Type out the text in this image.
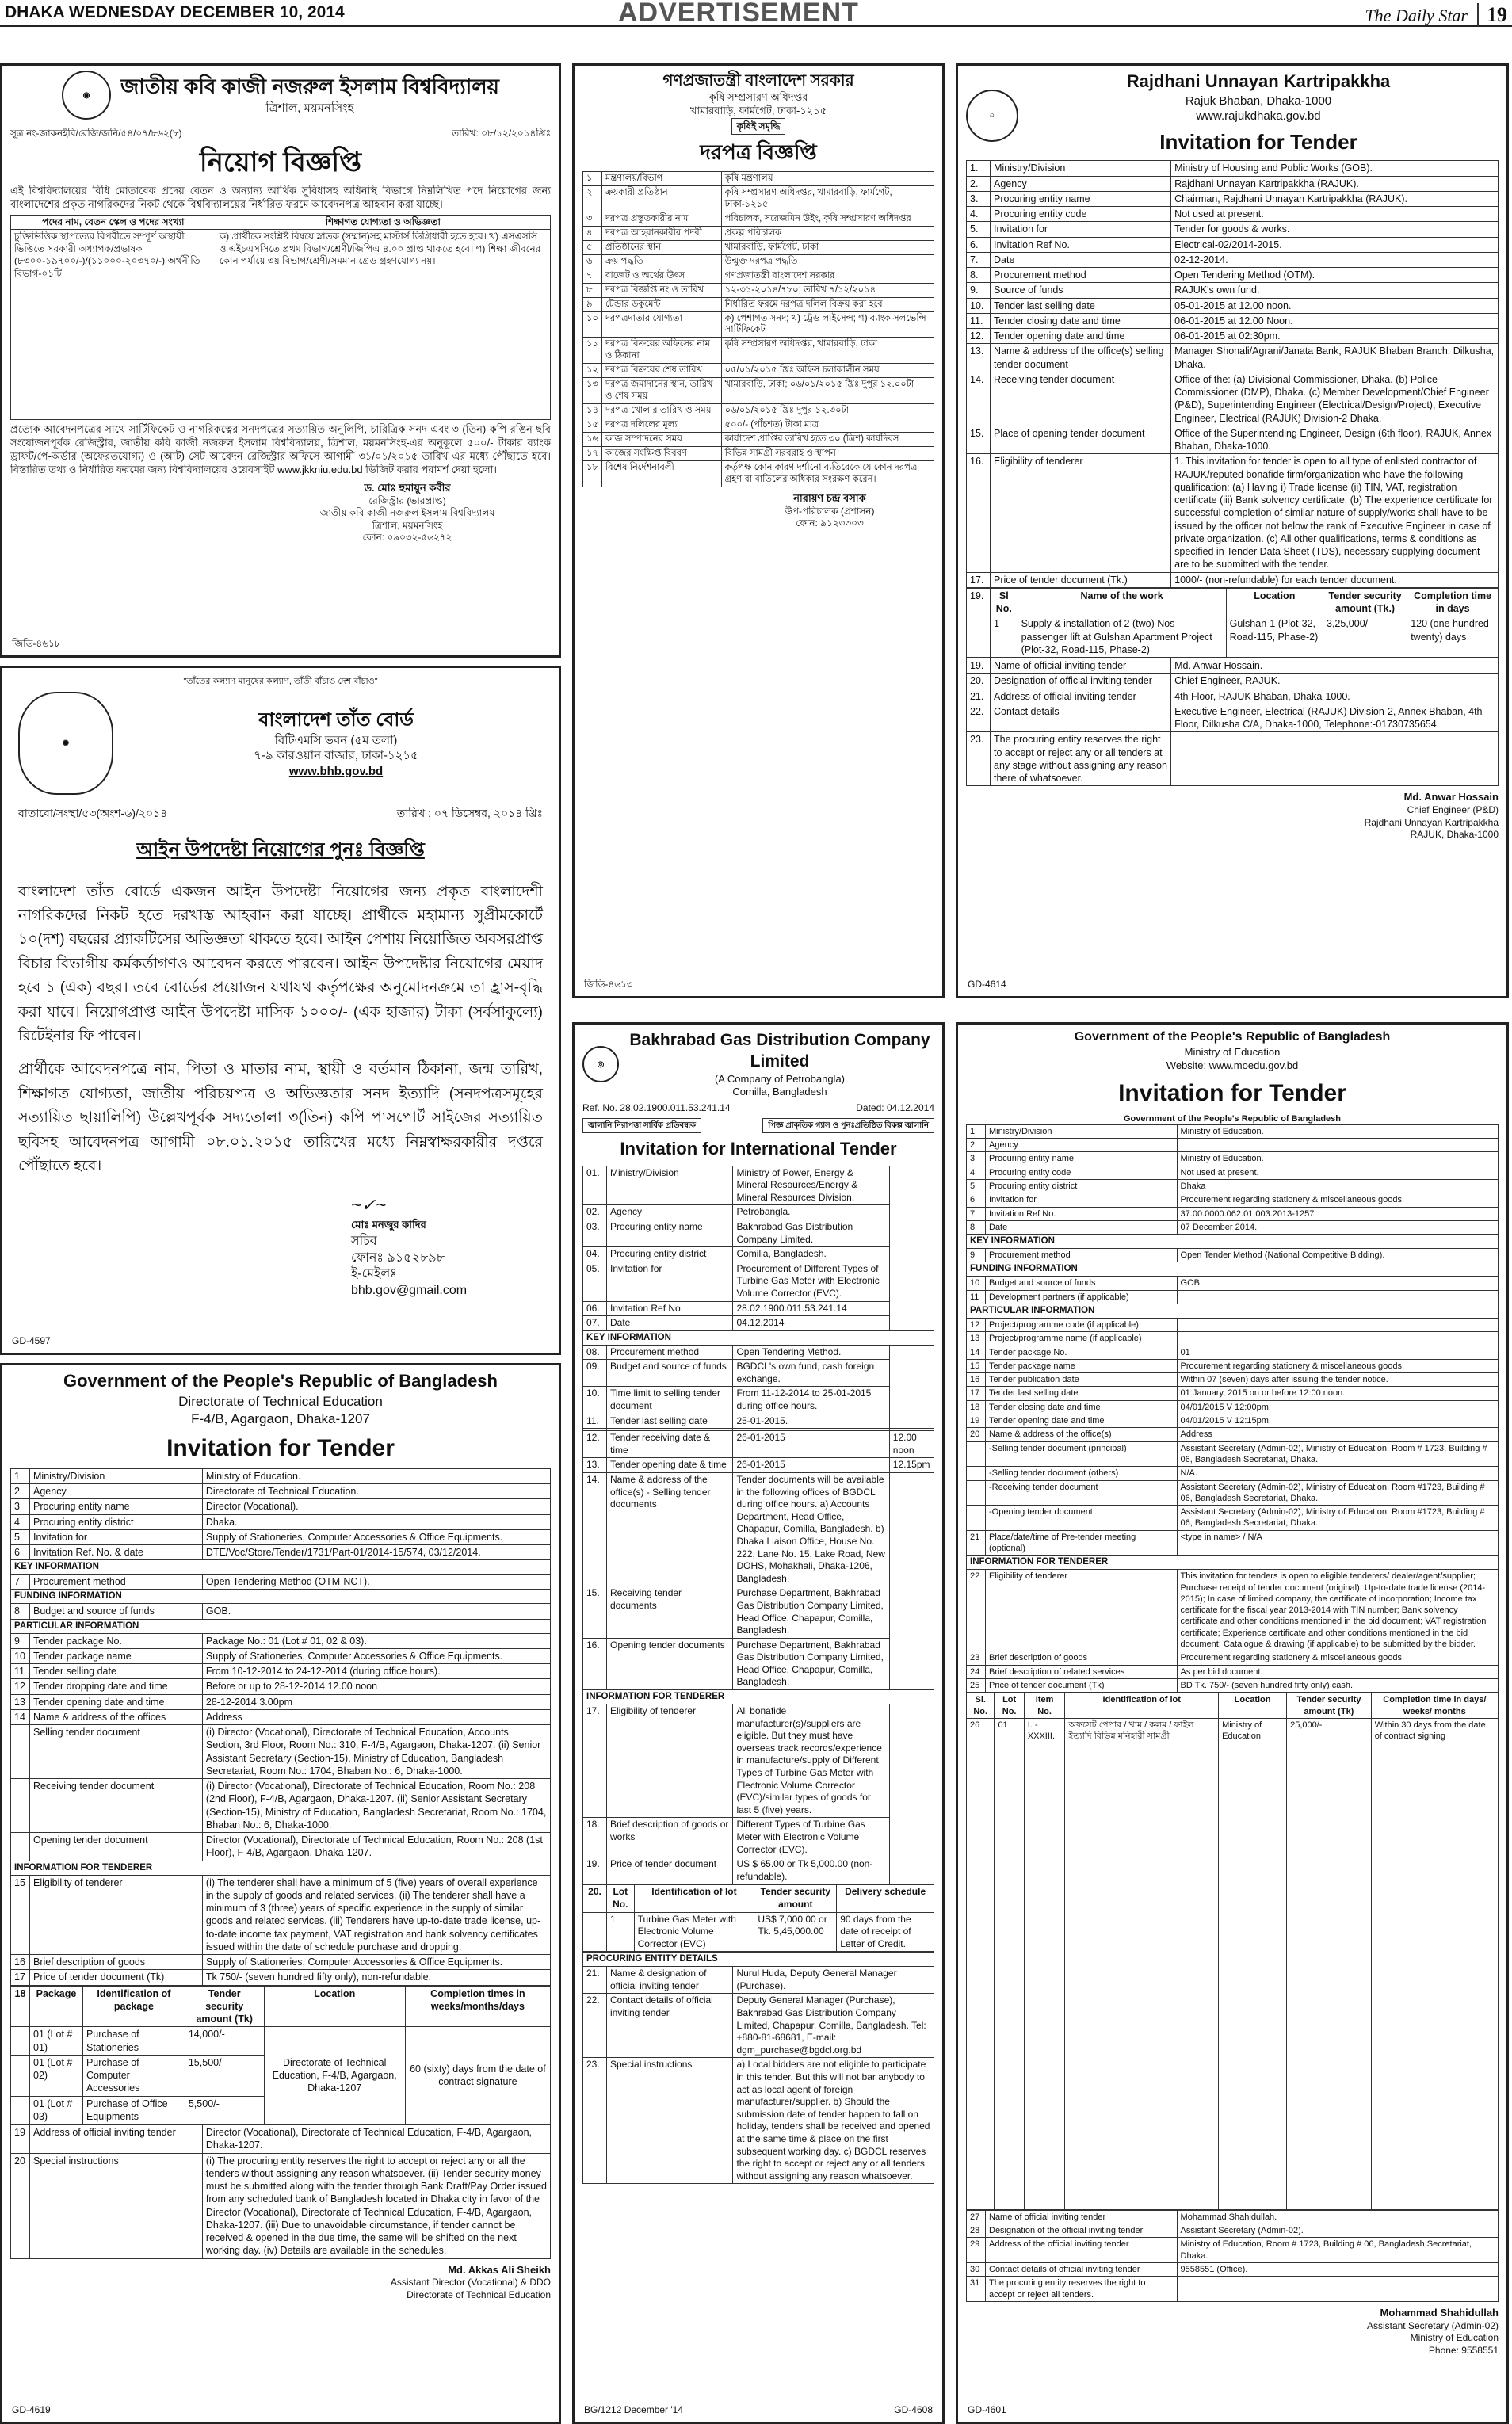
DHAKA WEDNESDAY DECEMBER 10, 2014	ADVERTISEMENT	The Daily Star 19
◉	জাতীয় কবি কাজী নজরুল ইসলাম বিশ্ববিদ্যালয়
ত্রিশাল, ময়মনসিংহ
সূত্র নং-জাকনইবি/রেজি/জনি/৫৪/০৭/৮৬২(৮)	তারিখ: ০৮/১২/২০১৪খ্রিঃ
নিয়োগ বিজ্ঞপ্তি
এই বিশ্ববিদ্যালয়ের বিধি মোতাবেক প্রদেয় বেতন ও অন্যান্য আর্থিক সুবিধাসহ অধিনস্থি বিভাগে নিম্নলিখিত পদে নিয়োগের জন্য বাংলাদেশের প্রকৃত নাগরিকদের নিকট থেকে বিশ্ববিদ্যালয়ের নির্ধারিত ফরমে আবেদনপত্র আহবান করা যাচ্ছে।
পদের নাম, বেতন স্কেল ও পদের সংখ্যা	শিক্ষাগত যোগ্যতা ও অভিজ্ঞতা
চুক্তিভিত্তিক স্থাপত্যের বিপরীতে সম্পূর্ণ অস্থায়ী ভিত্তিতে সরকারী অধ্যাপক/প্রভাষক (৮৩০০-১৯৭০০/-)/(১১০০০-২০৩৭০/-) অর্থনীতি বিভাগ-০১টি	ক) প্রার্থীকে সংশ্লিষ্ট বিষয়ে স্নাতক (সম্মান)সহ মাস্টার্স ডিগ্রিধারী হতে হবে। খ) এসএসসি ও এইচএসসিতে প্রথম বিভাগ/শ্রেণী/জিপিএ ৪.০০ প্রাপ্ত থাকতে হবে। গ) শিক্ষা জীবনের কোন পর্যায়ে ৩য় বিভাগ/শ্রেণী/সমমান গ্রেড গ্রহণযোগ্য নয়।
প্রত্যেক আবেদনপত্রের সাথে সার্টিফিকেট ও নাগরিকত্বের সনদপত্রের সত্যায়িত অনুলিপি, চারিত্রিক সনদ এবং ৩ (তিন) কপি রঙিন ছবি সংযোজনপূর্বক রেজিস্ট্রার, জাতীয় কবি কাজী নজরুল ইসলাম বিশ্ববিদ্যালয়, ত্রিশাল, ময়মনসিংহ-এর অনুকূলে ৫০০/- টাকার ব্যাংক ড্রাফট/পে-অর্ডার (অফেরতযোগ্য) ও (আট) সেট আবেদন রেজিস্ট্রার অফিসে আগামী ৩১/০১/২০১৫ তারিখ এর মধ্যে পৌঁছাতে হবে। বিস্তারিত তথ্য ও নির্ধারিত ফরমের জন্য বিশ্ববিদ্যালয়ের ওয়েবসাইট www.jkkniu.edu.bd ভিজিট করার পরামর্শ দেয়া হলো।
ড. মোঃ হুমায়ুন কবীর
রেজিস্ট্রার (ভারপ্রাপ্ত)
জাতীয় কবি কাজী নজরুল ইসলাম বিশ্ববিদ্যালয়
ত্রিশাল, ময়মনসিংহ
ফোন: ০৯০৩২-৫৬২৭২
জিডি-৪৬১৮
গণপ্রজাতন্ত্রী বাংলাদেশ সরকার
কৃষি সম্প্রসারণ অধিদপ্তর
খামারবাড়ি, ফার্মগেট, ঢাকা-১২১৫
কৃষিই সমৃদ্ধি
দরপত্র বিজ্ঞপ্তি
১	মন্ত্রণালয়/বিভাগ	কৃষি মন্ত্রণালয়
২	ক্রয়কারী প্রতিষ্ঠান	কৃষি সম্প্রসারণ অধিদপ্তর, খামারবাড়ি, ফার্মগেট, ঢাকা-১২১৫
৩	দরপত্র প্রস্তুতকারীর নাম	পরিচালক, সরেজমিন উইং, কৃষি সম্প্রসারণ অধিদপ্তর
৪	দরপত্র আহবানকারীর পদবী	প্রকল্প পরিচালক
৫	প্রতিষ্ঠানের স্থান	খামারবাড়ি, ফার্মগেট, ঢাকা
৬	ক্রয় পদ্ধতি	উন্মুক্ত দরপত্র পদ্ধতি
৭	বাজেট ও অর্থের উৎস	গণপ্রজাতন্ত্রী বাংলাদেশ সরকার
৮	দরপত্র বিজ্ঞপ্তি নং ও তারিখ	১২-৩১-২০১৪/৭৮০; তারিখ ৭/১২/২০১৪
৯	টেন্ডার ডকুমেন্ট	নির্ধারিত ফরমে দরপত্র দলিল বিক্রয় করা হবে
১০	দরপত্রদাতার যোগ্যতা	ক) পেশাগত সনদ; খ) ট্রেড লাইসেন্স; গ) ব্যাংক সলভেন্সি সার্টিফিকেট
১১	দরপত্র বিক্রয়ের অফিসের নাম ও ঠিকানা	কৃষি সম্প্রসারণ অধিদপ্তর, খামারবাড়ি, ঢাকা
১২	দরপত্র বিক্রয়ের শেষ তারিখ	০৫/০১/২০১৫ খ্রিঃ অফিস চলাকালীন সময়
১৩	দরপত্র জমাদানের স্থান, তারিখ ও শেষ সময়	খামারবাড়ি, ঢাকা; ০৬/০১/২০১৫ খ্রিঃ দুপুর ১২.০০টা
১৪	দরপত্র খোলার তারিখ ও সময়	০৬/০১/২০১৫ খ্রিঃ দুপুর ১২.৩০টা
১৫	দরপত্র দলিলের মূল্য	৫০০/- (পাঁচশত) টাকা মাত্র
১৬	কাজ সম্পাদনের সময়	কার্যাদেশ প্রাপ্তির তারিখ হতে ৩০ (ত্রিশ) কার্যদিবস
১৭	কাজের সংক্ষিপ্ত বিবরণ	বিভিন্ন সামগ্রী সরবরাহ ও স্থাপন
১৮	বিশেষ নির্দেশনাবলী	কর্তৃপক্ষ কোন কারণ দর্শানো ব্যতিরেকে যে কোন দরপত্র গ্রহণ বা বাতিলের অধিকার সংরক্ষণ করেন।
নারায়ণ চন্দ্র বসাক
উপ-পরিচালক (প্রশাসন)
ফোন: ৯১২৩৩০৩
জিডি-৪৬১৩
⌂
Rajdhani Unnayan Kartripakkha
Rajuk Bhaban, Dhaka-1000
www.rajukdhaka.gov.bd
Invitation for Tender
1.	Ministry/Division	Ministry of Housing and Public Works (GOB).
2.	Agency	Rajdhani Unnayan Kartripakkha (RAJUK).
3.	Procuring entity name	Chairman, Rajdhani Unnayan Kartripakkha (RAJUK).
4.	Procuring entity code	Not used at present.
5.	Invitation for	Tender for goods & works.
6.	Invitation Ref No.	Electrical-02/2014-2015.
7.	Date	02-12-2014.
8.	Procurement method	Open Tendering Method (OTM).
9.	Source of funds	RAJUK's own fund.
10.	Tender last selling date	05-01-2015 at 12.00 noon.
11.	Tender closing date and time	06-01-2015 at 12.00 Noon.
12.	Tender opening date and time	06-01-2015 at 02:30pm.
13.	Name & address of the office(s) selling tender document	Manager Shonali/Agrani/Janata Bank, RAJUK Bhaban Branch, Dilkusha, Dhaka.
14.	Receiving tender document	Office of the: (a) Divisional Commissioner, Dhaka. (b) Police Commissioner (DMP), Dhaka. (c) Member Development/Chief Engineer (P&D), Superintending Engineer (Electrical/Design/Project), Executive Engineer, Electrical (RAJUK) Division-2 Dhaka.
15.	Place of opening tender document	Office of the Superintending Engineer, Design (6th floor), RAJUK, Annex Bhaban, Dhaka-1000.
16.	Eligibility of tenderer	1. This invitation for tender is open to all type of enlisted contractor of RAJUK/reputed bonafide firm/organization who have the following qualification: (a) Having i) Trade license (ii) TIN, VAT, registration certificate (iii) Bank solvency certificate. (b) The experience certificate for successful completion of similar nature of supply/works shall have to be issued by the officer not below the rank of Executive Engineer in case of private organization. (c) All other qualifications, terms & conditions as specified in Tender Data Sheet (TDS), necessary supplying document are to be submitted with the tender.
17.	Price of tender document (Tk.)	1000/- (non-refundable) for each tender document.
19.	Sl No.	Name of the work	Location	Tender security amount (Tk.)	Completion time in days
	1	Supply & installation of 2 (two) Nos passenger lift at Gulshan Apartment Project (Plot-32, Road-115, Phase-2)	Gulshan-1 (Plot-32, Road-115, Phase-2)	3,25,000/-	120 (one hundred twenty) days
19.	Name of official inviting tender	Md. Anwar Hossain.
20.	Designation of official inviting tender	Chief Engineer, RAJUK.
21.	Address of official inviting tender	4th Floor, RAJUK Bhaban, Dhaka-1000.
22.	Contact details	Executive Engineer, Electrical (RAJUK) Division-2, Annex Bhaban, 4th Floor, Dilkusha C/A, Dhaka-1000, Telephone:-01730735654.
23.	The procuring entity reserves the right to accept or reject any or all tenders at any stage without assigning any reason there of whatsoever.	
Md. Anwar Hossain
Chief Engineer (P&D)
Rajdhani Unnayan Kartripakkha
RAJUK, Dhaka-1000
GD-4614
"তাঁতের কল্যাণ মানুষের কল্যাণ, তাঁতী বাঁচাও দেশ বাঁচাও"
✺
বাংলাদেশ তাঁত বোর্ড
বিটিএমসি ভবন (৫ম তলা)
৭-৯ কারওয়ান বাজার, ঢাকা-১২১৫
www.bhb.gov.bd
বাতাবো/সংস্থা/৫৩(অংশ-৬)/২০১৪	তারিখ : ০৭ ডিসেম্বর, ২০১৪ খ্রিঃ
আইন উপদেষ্টা নিয়োগের পুনঃ বিজ্ঞপ্তি
বাংলাদেশ তাঁত বোর্ডে একজন আইন উপদেষ্টা নিয়োগের জন্য প্রকৃত বাংলাদেশী নাগরিকদের নিকট হতে দরখাস্ত আহবান করা যাচ্ছে। প্রার্থীকে মহামান্য সুপ্রীমকোর্টে ১০(দশ) বছরের প্র্যাকটিসের অভিজ্ঞতা থাকতে হবে। আইন পেশায় নিয়োজিত অবসরপ্রাপ্ত বিচার বিভাগীয় কর্মকর্তাগণও আবেদন করতে পারবেন। আইন উপদেষ্টার নিয়োগের মেয়াদ হবে ১ (এক) বছর। তবে বোর্ডের প্রয়োজন যথাযথ কর্তৃপক্ষের অনুমোদনক্রমে তা হ্রাস-বৃদ্ধি করা যাবে। নিয়োগপ্রাপ্ত আইন উপদেষ্টা মাসিক ১০০০/- (এক হাজার) টাকা (সর্বসাকুল্যে) রিটেইনার ফি পাবেন।
প্রার্থীকে আবেদনপত্রে নাম, পিতা ও মাতার নাম, স্থায়ী ও বর্তমান ঠিকানা, জন্ম তারিখ, শিক্ষাগত যোগ্যতা, জাতীয় পরিচয়পত্র ও অভিজ্ঞতার সনদ ইত্যাদি (সনদপত্রসমূহের সত্যায়িত ছায়ালিপি) উল্লেখপূর্বক সদ্যতোলা ৩(তিন) কপি পাসপোর্ট সাইজের সত্যায়িত ছবিসহ আবেদনপত্র আগামী ০৮.০১.২০১৫ তারিখের মধ্যে নিম্নস্বাক্ষরকারীর দপ্তরে পৌঁছাতে হবে।
~✓~
মোঃ মনজুর কাদির
সচিব
ফোনঃ ৯১৫২৮৯৮
ই-মেইলঃ bhb.gov@gmail.com
GD-4597
Government of the People's Republic of Bangladesh
Directorate of Technical Education
F-4/B, Agargaon, Dhaka-1207
Invitation for Tender
1	Ministry/Division	Ministry of Education.
2	Agency	Directorate of Technical Education.
3	Procuring entity name	Director (Vocational).
4	Procuring entity district	Dhaka.
5	Invitation for	Supply of Stationeries, Computer Accessories & Office Equipments.
6	Invitation Ref. No. & date	DTE/Voc/Store/Tender/1731/Part-01/2014-15/574, 03/12/2014.
KEY INFORMATION		
7	Procurement method	Open Tendering Method (OTM-NCT).
FUNDING INFORMATION		
8	Budget and source of funds	GOB.
PARTICULAR INFORMATION		
9	Tender package No.	Package No.: 01 (Lot # 01, 02 & 03).
10	Tender package name	Supply of Stationeries, Computer Accessories & Office Equipments.
11	Tender selling date	From 10-12-2014 to 24-12-2014 (during office hours).
12	Tender dropping date and time	Before or up to 28-12-2014 12.00 noon
13	Tender opening date and time	28-12-2014 3.00pm
14	Name & address of the offices	Address
	Selling tender document	(i) Director (Vocational), Directorate of Technical Education, Accounts Section, 3rd Floor, Room No.: 310, F-4/B, Agargaon, Dhaka-1207. (ii) Senior Assistant Secretary (Section-15), Ministry of Education, Bangladesh Secretariat, Room No.: 1704, Bhaban No.: 6, Dhaka-1000.
	Receiving tender document	(i) Director (Vocational), Directorate of Technical Education, Room No.: 208 (2nd Floor), F-4/B, Agargaon, Dhaka-1207. (ii) Senior Assistant Secretary (Section-15), Ministry of Education, Bangladesh Secretariat, Room No.: 1704, Bhaban No.: 6, Dhaka-1000.
	Opening tender document	Director (Vocational), Directorate of Technical Education, Room No.: 208 (1st Floor), F-4/B, Agargaon, Dhaka-1207.
INFORMATION FOR TENDERER		
15	Eligibility of tenderer	(i) The tenderer shall have a minimum of 5 (five) years of overall experience in the supply of goods and related services. (ii) The tenderer shall have a minimum of 3 (three) years of specific experience in the supply of similar goods and related services. (iii) Tenderers have up-to-date trade license, up-to-date income tax payment, VAT registration and bank solvency certificates issued within the date of schedule purchase and dropping.
16	Brief description of goods	Supply of Stationeries, Computer Accessories & Office Equipments.
17	Price of tender document (Tk)	Tk 750/- (seven hundred fifty only), non-refundable.
18	Package	Identification of package	Tender security amount (Tk)	Location	Completion times in weeks/months/days
	01 (Lot # 01)	Purchase of Stationeries	14,000/-	Directorate of Technical Education, F-4/B, Agargaon, Dhaka-1207	60 (sixty) days from the date of contract signature
	01 (Lot # 02)	Purchase of Computer Accessories	15,500/-		
	01 (Lot # 03)	Purchase of Office Equipments	5,500/-		
19	Address of official inviting tender	Director (Vocational), Directorate of Technical Education, F-4/B, Agargaon, Dhaka-1207.
20	Special instructions	(i) The procuring entity reserves the right to accept or reject any or all the tenders without assigning any reason whatsoever. (ii) Tender security money must be submitted along with the tender through Bank Draft/Pay Order issued from any scheduled bank of Bangladesh located in Dhaka city in favor of the Director (Vocational), Directorate of Technical Education, F-4/B, Agargaon, Dhaka-1207. (iii) Due to unavoidable circumstance, if tender cannot be received & opened in the due time, the same will be shifted on the next working day. (iv) Details are available in the schedules.
Md. Akkas Ali Sheikh
Assistant Director (Vocational) & DDO
Directorate of Technical Education
GD-4619
◎
Bakhrabad Gas Distribution Company Limited
(A Company of Petrobangla)
Comilla, Bangladesh
Ref. No. 28.02.1900.011.53.241.14	Dated: 04.12.2014
জ্বালানি নিরাপত্তা সার্বিক প্রতিবন্ধক	পিজ্ঞ প্রাকৃতিক গ্যাস ও পুনঃপ্রতিষ্ঠিত বিকল্প জ্বালানি
Invitation for International Tender
01.	Ministry/Division	Ministry of Power, Energy & Mineral Resources/Energy & Mineral Resources Division.	
02.	Agency	Petrobangla.	
03.	Procuring entity name	Bakhrabad Gas Distribution Company Limited.	
04.	Procuring entity district	Comilla, Bangladesh.	
05.	Invitation for	Procurement of Different Types of Turbine Gas Meter with Electronic Volume Corrector (EVC).	
06.	Invitation Ref No.	28.02.1900.011.53.241.14	
07.	Date	04.12.2014	
KEY INFORMATION			
08.	Procurement method	Open Tendering Method.	
09.	Budget and source of funds	BGDCL's own fund, cash foreign exchange.	
10.	Time limit to selling tender document	From 11-12-2014 to 25-01-2015 during office hours.	
11.	Tender last selling date	25-01-2015.	

12.	Tender receiving date & time	26-01-2015	12.00 noon
13.	Tender opening date & time	26-01-2015	12.15pm
14.	Name & address of the office(s) - Selling tender documents	Tender documents will be available in the following offices of BGDCL during office hours. a) Accounts Department, Head Office, Chapapur, Comilla, Bangladesh. b) Dhaka Liaison Office, House No. 222, Lane No. 15, Lake Road, New DOHS, Mohakhali, Dhaka-1206, Bangladesh.	
15.	Receiving tender documents	Purchase Department, Bakhrabad Gas Distribution Company Limited, Head Office, Chapapur, Comilla, Bangladesh.	
16.	Opening tender documents	Purchase Department, Bakhrabad Gas Distribution Company Limited, Head Office, Chapapur, Comilla, Bangladesh.	
INFORMATION FOR TENDERER			
17.	Eligibility of tenderer	All bonafide manufacturer(s)/suppliers are eligible. But they must have overseas track records/experience in manufacture/supply of Different Types of Turbine Gas Meter with Electronic Volume Corrector (EVC)/similar types of goods for last 5 (five) years.	
18.	Brief description of goods or works	Different Types of Turbine Gas Meter with Electronic Volume Corrector (EVC).	
19.	Price of tender document	US $ 65.00 or Tk 5,000.00 (non-refundable).	
20.	Lot No.	Identification of lot	Tender security amount	Delivery schedule
	1	Turbine Gas Meter with Electronic Volume Corrector (EVC)	US$ 7,000.00 or Tk. 5,45,000.00	90 days from the date of receipt of Letter of Credit.
PROCURING ENTITY DETAILS		
21.	Name & designation of official inviting tender	Nurul Huda, Deputy General Manager (Purchase).
22.	Contact details of official inviting tender	Deputy General Manager (Purchase), Bakhrabad Gas Distribution Company Limited, Chapapur, Comilla, Bangladesh. Tel: +880-81-68681, E-mail: dgm_purchase@bgdcl.org.bd
23.	Special instructions	a) Local bidders are not eligible to participate in this tender. But this will not bar anybody to act as local agent of foreign manufacturer/supplier. b) Should the submission date of tender happen to fall on holiday, tenders shall be received and opened at the same time & place on the first subsequent working day. c) BGDCL reserves the right to accept or reject any or all tenders without assigning any reason whatsoever.
BG/1212 December '14	GD-4608
Government of the People's Republic of Bangladesh
Ministry of Education
Website: www.moedu.gov.bd
Invitation for Tender
Government of the People's Republic of Bangladesh
1	Ministry/Division	Ministry of Education.
2	Agency	
3	Procuring entity name	Ministry of Education.
4	Procuring entity code	Not used at present.
5	Procuring entity district	Dhaka
6	Invitation for	Procurement regarding stationery & miscellaneous goods.
7	Invitation Ref No.	37.00.0000.062.01.003.2013-1257
8	Date	07 December 2014.
KEY INFORMATION		
9	Procurement method	Open Tender Method (National Competitive Bidding).
FUNDING INFORMATION		
10	Budget and source of funds	GOB
11	Development partners (if applicable)	
PARTICULAR INFORMATION		
12	Project/programme code (if applicable)	
13	Project/programme name (if applicable)	
14	Tender package No.	01
15	Tender package name	Procurement regarding stationery & miscellaneous goods.
16	Tender publication date	Within 07 (seven) days after issuing the tender notice.
17	Tender last selling date	01 January, 2015 on or before 12:00 noon.
18	Tender closing date and time	04/01/2015 V 12:00pm.
19	Tender opening date and time	04/01/2015 V 12:15pm.
20	Name & address of the office(s)	Address
	-Selling tender document (principal)	Assistant Secretary (Admin-02), Ministry of Education, Room # 1723, Building # 06, Bangladesh Secretariat, Dhaka.
	-Selling tender document (others)	N/A.
	-Receiving tender document	Assistant Secretary (Admin-02), Ministry of Education, Room #1723, Building # 06, Bangladesh Secretariat, Dhaka.
	-Opening tender document	Assistant Secretary (Admin-02), Ministry of Education, Room #1723, Building # 06, Bangladesh Secretariat, Dhaka.
21	Place/date/time of Pre-tender meeting (optional)	<type in name> / N/A
INFORMATION FOR TENDERER		
22	Eligibility of tenderer	This invitation for tenders is open to eligible tenderers/ dealer/agent/supplier; Purchase receipt of tender document (original); Up-to-date trade license (2014-2015); In case of limited company, the certificate of incorporation; Income tax certificate for the fiscal year 2013-2014 with TIN number; Bank solvency certificate and other conditions mentioned in the bid document; VAT registration certificate; Experience certificate and other conditions mentioned in the bid document; Catalogue & drawing (if applicable) to be submitted by the bidder.
23	Brief description of goods	Procurement regarding stationery & miscellaneous goods.
24	Brief description of related services	As per bid document.
25	Price of tender document (Tk)	BD Tk. 750/- (seven hundred fifty only) cash.
Sl. No.	Lot No.	Item No.	Identification of lot	Location	Tender security amount (Tk)	Completion time in days/ weeks/ months
26	01	I. - XXXIII.	অফসেট পেপার / খাম / কলম / ফাইল ইত্যাদি বিভিন্ন মনিহারী সামগ্রী	Ministry of Education	25,000/-	Within 30 days from the date of contract signing
27	Name of official inviting tender	Mohammad Shahidullah.
28	Designation of the official inviting tender	Assistant Secretary (Admin-02).
29	Address of the official inviting tender	Ministry of Education, Room # 1723, Building # 06, Bangladesh Secretariat, Dhaka.
30	Contact details of official inviting tender	9558551 (Office).
31	The procuring entity reserves the right to accept or reject all tenders.	
Mohammad Shahidullah
Assistant Secretary (Admin-02)
Ministry of Education
Phone: 9558551
GD-4601
